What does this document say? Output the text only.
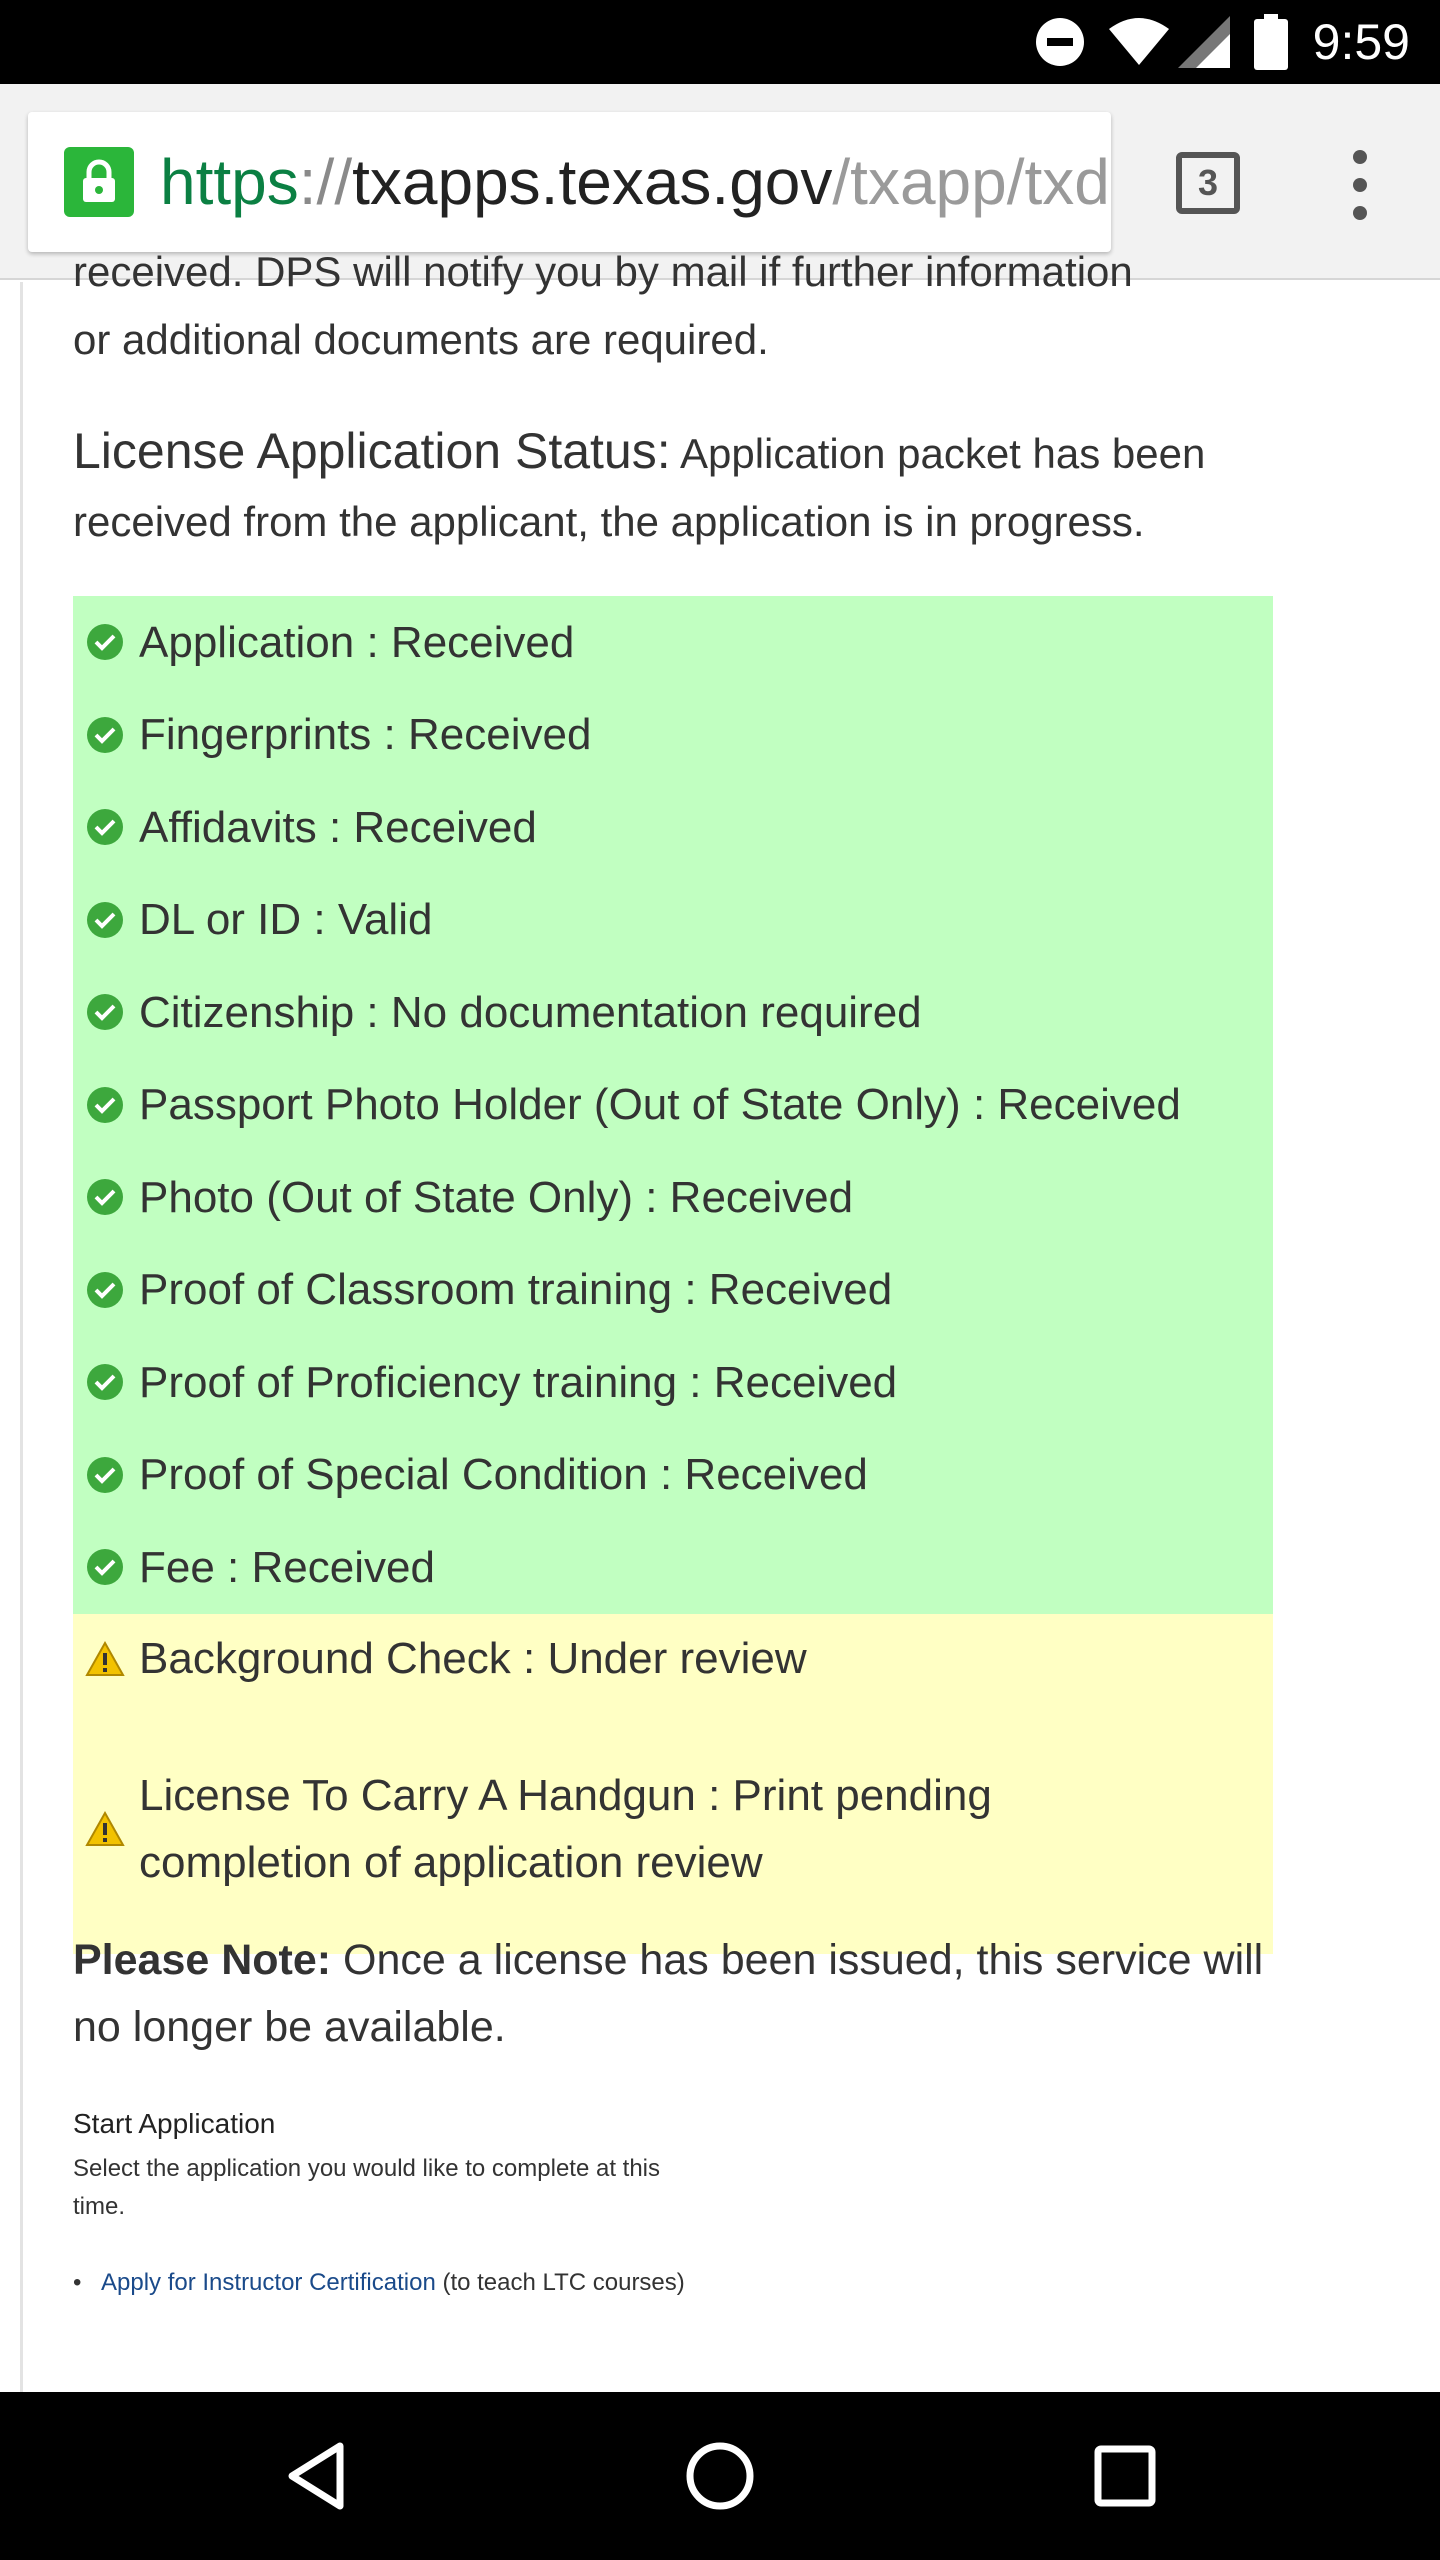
9:59
https://txapps.texas.gov/txapp/txd	3
received. DPS will notify you by mail if further information
or additional documents are required.
License Application Status: Application packet has been received from the applicant, the application is in progress.
Application : Received
Fingerprints : Received
Affidavits : Received
DL or ID : Valid
Citizenship : No documentation required
Passport Photo Holder (Out of State Only) : Received
Photo (Out of State Only) : Received
Proof of Classroom training : Received
Proof of Proficiency training : Received
Proof of Special Condition : Received
Fee : Received
Background Check : Under review
License To Carry A Handgun : Print pending completion of application review
Please Note: Once a license has been issued, this service will no longer be available.
Start Application
Select the application you would like to complete at this time.
• Apply for Instructor Certification (to teach LTC courses)
